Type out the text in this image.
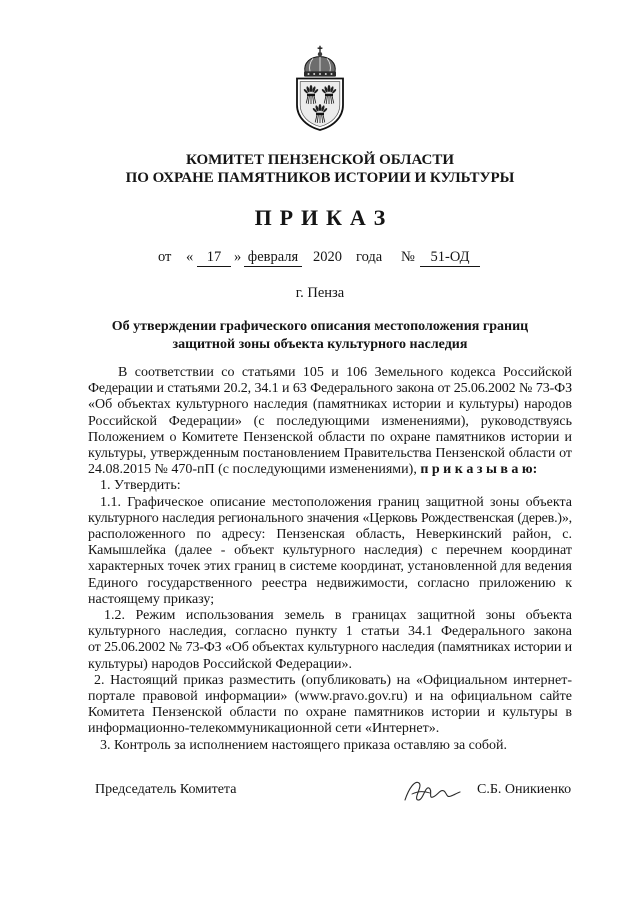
КОМИТЕТ ПЕНЗЕНСКОЙ ОБЛАСТИ
ПО ОХРАНЕ ПАМЯТНИКОВ ИСТОРИИ И КУЛЬТУРЫ
П Р И К А З
от « 17 » февраля 2020 года №	51-ОД
г. Пенза
Об утверждении графического описания местоположения границ
защитной зоны объекта культурного наследия
В соответствии со статьями 105 и 106 Земельного кодекса Российской
Федерации и статьями 20.2, 34.1 и 63 Федерального закона от 25.06.2002 № 73-ФЗ
«Об объектах культурного наследия (памятниках истории и культуры) народов
Российской Федерации» (с последующими изменениями), руководствуясь
Положением о Комитете Пензенской области по охране памятников истории и
культуры, утвержденным постановлением Правительства Пензенской области от
24.08.2015 № 470-пП (с последующими изменениями), п р и к а з ы в а ю:
1. Утвердить:
1.1. Графическое описание местоположения границ защитной зоны объекта
культурного наследия регионального значения «Церковь Рождественская (дерев.)»,
расположенного по адресу: Пензенская область, Неверкинский район, с.
Камышлейка (далее - объект культурного наследия) с перечнем координат
характерных точек этих границ в системе координат, установленной для ведения
Единого государственного реестра недвижимости, согласно приложению к
настоящему приказу;
1.2. Режим использования земель в границах защитной зоны объекта
культурного наследия, согласно пункту 1 статьи 34.1 Федерального закона
от 25.06.2002 № 73-ФЗ «Об объектах культурного наследия (памятниках истории и
культуры) народов Российской Федерации».
2. Настоящий приказ разместить (опубликовать) на «Официальном интернет-
портале правовой информации» (www.pravo.gov.ru) и на официальном сайте
Комитета Пензенской области по охране памятников истории и культуры в
информационно-телекоммуникационной сети «Интернет».
3. Контроль за исполнением настоящего приказа оставляю за собой.
Председатель Комитета	С.Б. Оникиенко
